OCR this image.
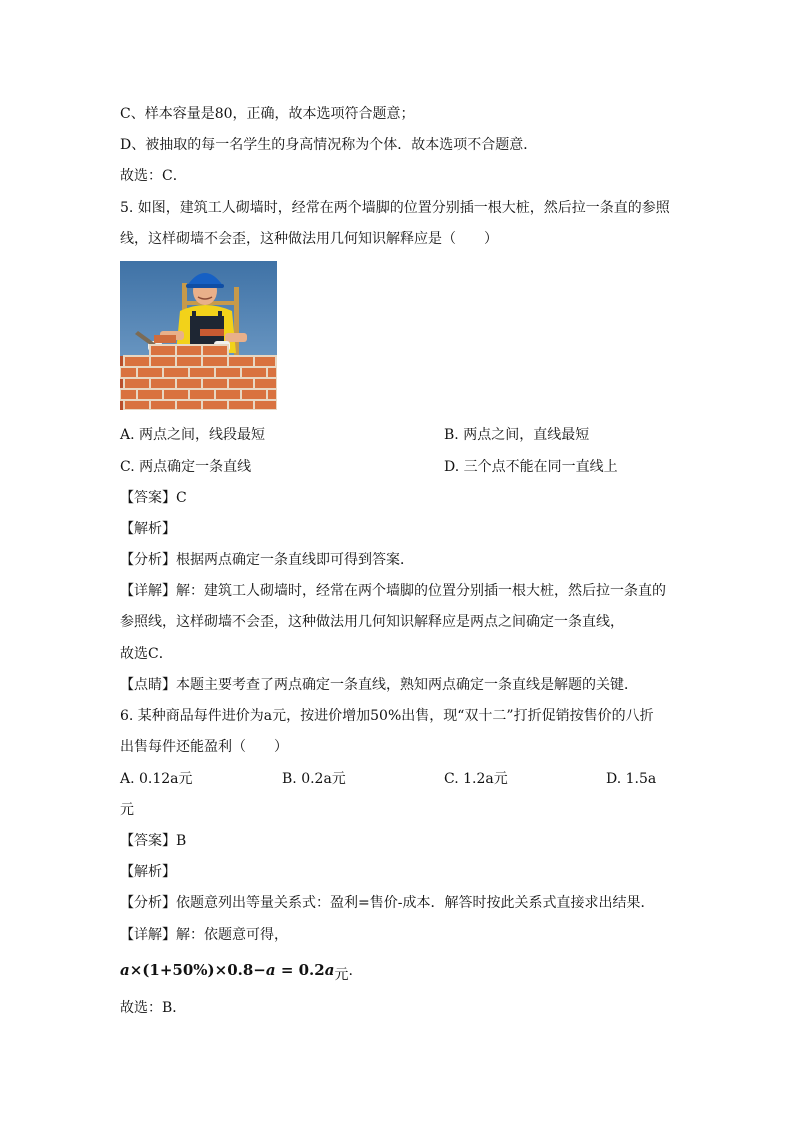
C、样本容量是80，正确，故本选项符合题意；
D、被抽取的每一名学生的身高情况称为个体．故本选项不合题意．
故选：C．
5. 如图，建筑工人砌墙时，经常在两个墙脚的位置分别插一根大桩，然后拉一条直的参照
线，这样砌墙不会歪，这种做法用几何知识解释应是（　　）
A. 两点之间，线段最短	B. 两点之间，直线最短
C. 两点确定一条直线	D. 三个点不能在同一直线上
【答案】C
【解析】
【分析】根据两点确定一条直线即可得到答案．
【详解】解：建筑工人砌墙时，经常在两个墙脚的位置分别插一根大桩，然后拉一条直的
参照线，这样砌墙不会歪，这种做法用几何知识解释应是两点之间确定一条直线，
故选C．
【点睛】本题主要考查了两点确定一条直线，熟知两点确定一条直线是解题的关键．
6. 某种商品每件进价为a元，按进价增加50%出售，现“双十二”打折促销按售价的八折
出售每件还能盈利（　　）
A. 0.12a元	B. 0.2a元	C. 1.2a元	D. 1.5a
元
【答案】B
【解析】
【分析】依题意列出等量关系式：盈利=售价-成本．解答时按此关系式直接求出结果．
【详解】解：依题意可得，
a×(1+50%)×0.8−a = 0.2a元.
故选：B．
